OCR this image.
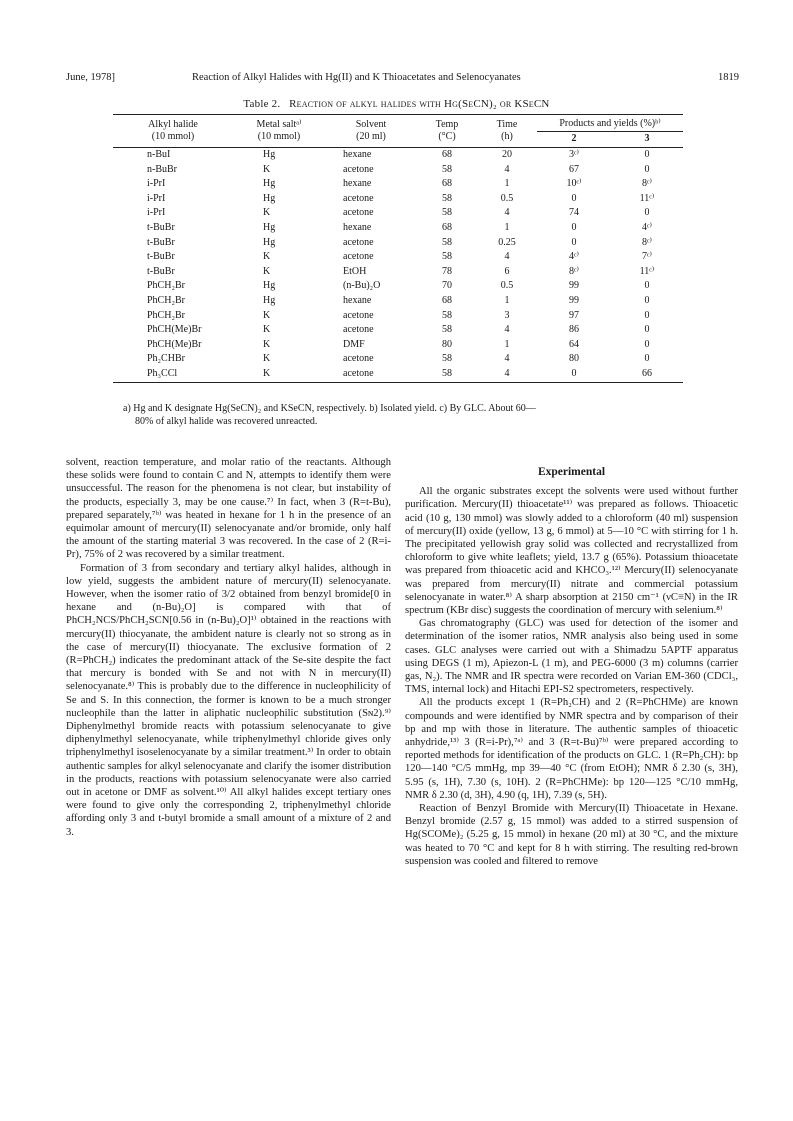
June, 1978]	Reaction of Alkyl Halides with Hg(II) and K Thioacetates and Selenocyanates	1819
Table 2. Reaction of alkyl halides with Hg(SeCN)₂ or KSeCN
Alkyl halide	Metal saltᵃ⁾	Solvent	Temp	Time	Products and yields (%)ᵇ⁾	
(10 mmol)	(10 mmol)	(20 ml)	(°C)	(h)	2	3
n-BuI	Hg	hexane	68	20	3ᶜ⁾	0
n-BuBr	K	acetone	58	4	67	0
i-PrI	Hg	hexane	68	1	10ᶜ⁾	8ᶜ⁾
i-PrI	Hg	acetone	58	0.5	0	11ᶜ⁾
i-PrI	K	acetone	58	4	74	0
t-BuBr	Hg	hexane	68	1	0	4ᶜ⁾
t-BuBr	Hg	acetone	58	0.25	0	8ᶜ⁾
t-BuBr	K	acetone	58	4	4ᶜ⁾	7ᶜ⁾
t-BuBr	K	EtOH	78	6	8ᶜ⁾	11ᶜ⁾
PhCH₂Br	Hg	(n-Bu)₂O	70	0.5	99	0
PhCH₂Br	Hg	hexane	68	1	99	0
PhCH₂Br	K	acetone	58	3	97	0
PhCH(Me)Br	K	acetone	58	4	86	0
PhCH(Me)Br	K	DMF	80	1	64	0
Ph₂CHBr	K	acetone	58	4	80	0
Ph₃CCl	K	acetone	58	4	0	66
a) Hg and K designate Hg(SeCN)₂ and KSeCN, respectively. b) Isolated yield. c) By GLC. About 60—
80% of alkyl halide was recovered unreacted.

solvent, reaction temperature, and molar ratio of the reactants. Although these solids were found to contain C and N, attempts to identify them were unsuccessful. The reason for the phenomena is not clear, but instability of the products, especially 3, may be one cause.⁷⁾ In fact, when 3 (R=t-Bu), prepared separately,⁷ᵇ⁾ was heated in hexane for 1 h in the presence of an equimolar amount of mercury(II) selenocyanate and/or bromide, only half the amount of the starting material 3 was recovered. In the case of 2 (R=i-Pr), 75% of 2 was recovered by a similar treatment.

Formation of 3 from secondary and tertiary alkyl halides, although in low yield, suggests the ambident nature of mercury(II) selenocyanate. However, when the isomer ratio of 3/2 obtained from benzyl bromide[0 in hexane and (n-Bu)₂O] is compared with that of PhCH₂NCS/PhCH₂SCN[0.56 in (n-Bu)₂O]¹⁾ obtained in the reactions with mercury(II) thiocyanate, the ambident nature is clearly not so strong as in the case of mercury(II) thiocyanate. The exclusive formation of 2 (R=PhCH₂) indicates the predominant attack of the Se-site despite the fact that mercury is bonded with Se and not with N in mercury(II) selenocyanate.⁸⁾ This is probably due to the difference in nucleophilicity of Se and S. In this connection, the former is known to be a much stronger nucleophile than the latter in aliphatic nucleophilic substitution (Sɴ2).⁹⁾ Diphenylmethyl bromide reacts with potassium selenocyanate to give diphenylmethyl selenocyanate, while triphenylmethyl chloride gives only triphenylmethyl isoselenocyanate by a similar treatment.³⁾ In order to obtain authentic samples for alkyl selenocyanate and clarify the isomer distribution in the products, reactions with potassium selenocyanate were also carried out in acetone or DMF as solvent.¹⁰⁾ All alkyl halides except tertiary ones were found to give only the corresponding 2, triphenylmethyl chloride affording only 3 and t-butyl bromide a small amount of a mixture of 2 and 3.

Experimental

All the organic substrates except the solvents were used without further purification. Mercury(II) thioacetate¹¹⁾ was prepared as follows. Thioacetic acid (10 g, 130 mmol) was slowly added to a chloroform (40 ml) suspension of mercury(II) oxide (yellow, 13 g, 6 mmol) at 5—10 °C with stirring for 1 h. The precipitated yellowish gray solid was collected and recrystallized from chloroform to give white leaflets; yield, 13.7 g (65%). Potassium thioacetate was prepared from thioacetic acid and KHCO₃.¹²⁾ Mercury(II) selenocyanate was prepared from mercury(II) nitrate and commercial potassium selenocyanate in water.⁸⁾ A sharp absorption at 2150 cm⁻¹ (νC≡N) in the IR spectrum (KBr disc) suggests the coordination of mercury with selenium.⁸⁾

Gas chromatography (GLC) was used for detection of the isomer and determination of the isomer ratios, NMR analysis also being used in some cases. GLC analyses were carried out with a Shimadzu 5APTF apparatus using DEGS (1 m), Apiezon-L (1 m), and PEG-6000 (3 m) columns (carrier gas, N₂). The NMR and IR spectra were recorded on Varian EM-360 (CDCl₃, TMS, internal lock) and Hitachi EPI-S2 spectrometers, respectively.

All the products except 1 (R=Ph₂CH) and 2 (R=PhCHMe) are known compounds and were identified by NMR spectra and by comparison of their bp and mp with those in literature. The authentic samples of thioacetic anhydride,¹³⁾ 3 (R=i-Pr),⁷ᵃ⁾ and 3 (R=t-Bu)⁷ᵇ⁾ were prepared according to reported methods for identification of the products on GLC. 1 (R=Ph₂CH): bp 120—140 °C/5 mmHg, mp 39—40 °C (from EtOH); NMR δ 2.30 (s, 3H), 5.95 (s, 1H), 7.30 (s, 10H). 2 (R=PhCHMe): bp 120—125 °C/10 mmHg, NMR δ 2.30 (d, 3H), 4.90 (q, 1H), 7.39 (s, 5H).

Reaction of Benzyl Bromide with Mercury(II) Thioacetate in Hexane. Benzyl bromide (2.57 g, 15 mmol) was added to a stirred suspension of Hg(SCOMe)₂ (5.25 g, 15 mmol) in hexane (20 ml) at 30 °C, and the mixture was heated to 70 °C and kept for 8 h with stirring. The resulting red-brown suspension was cooled and filtered to remove
